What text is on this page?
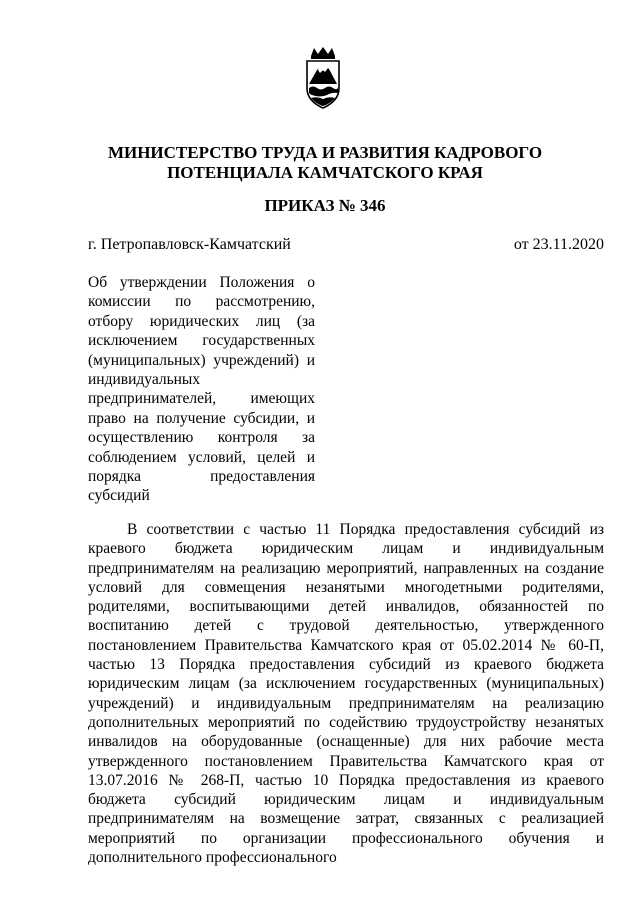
МИНИСТЕРСТВО ТРУДА И РАЗВИТИЯ КАДРОВОГО
ПОТЕНЦИАЛА КАМЧАТСКОГО КРАЯ
ПРИКАЗ № 346
г. Петропавловск-Камчатский	от 23.11.2020
Об утверждении Положения о комиссии по рассмотрению, отбору юридических лиц (за исключением государственных (муниципальных) учреждений) и индивидуальных предпринимателей, имеющих право на получение субсидии, и осуществлению контроля за соблюдением условий, целей и порядка предоставления субсидий
В соответствии с частью 11 Порядка предоставления субсидий из краевого бюджета юридическим лицам и индивидуальным предпринимателям на реализацию мероприятий, направленных на создание условий для совмещения незанятыми многодетными родителями, родителями, воспитывающими детей инвалидов, обязанностей по воспитанию детей с трудовой деятельностью, утвержденного постановлением Правительства Камчатского края от 05.02.2014 № 60-П, частью 13 Порядка предоставления субсидий из краевого бюджета юридическим лицам (за исключением государственных (муниципальных) учреждений) и индивидуальным предпринимателям на реализацию дополнительных мероприятий по содействию трудоустройству незанятых инвалидов на оборудованные (оснащенные) для них рабочие места утвержденного постановлением Правительства Камчатского края от 13.07.2016 № 268-П, частью 10 Порядка предоставления из краевого бюджета субсидий юридическим лицам и индивидуальным предпринимателям на возмещение затрат, связанных с реализацией мероприятий по организации профессионального обучения и дополнительного профессионального
